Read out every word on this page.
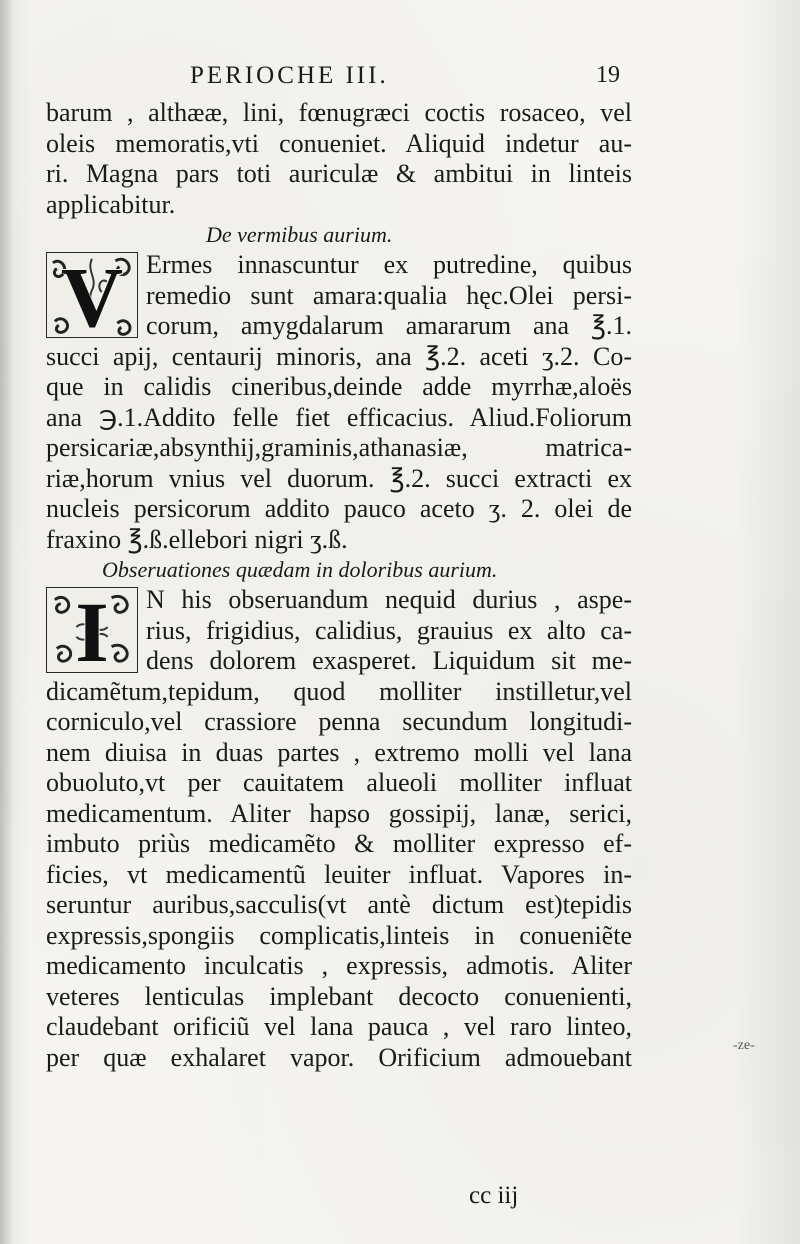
PERIOCHE III.	19
barum , althææ, lini, fœnugræci coctis rosaceo, vel
oleis memoratis,vti conueniet. Aliquid indetur au-
ri. Magna pars toti auriculæ & ambitui in linteis
applicabitur.
De vermibus aurium.
V Ermes innascuntur ex putredine, quibus
remedio sunt amara:qualia hęc.Olei persi-
corum, amygdalarum amararum ana ℥.1.
succi apij, centaurij minoris, ana ℥.2. aceti ʒ.2. Co-
que in calidis cineribus,deinde adde myrrhæ,aloës
ana ℈.1.Addito felle fiet efficacius. Aliud.Foliorum
persicariæ,absynthij,graminis,athanasiæ, matrica-
riæ,horum vnius vel duorum. ℥.2. succi extracti ex
nucleis persicorum addito pauco aceto ʒ. 2. olei de
fraxino ℥.ß.ellebori nigri ʒ.ß.
Obseruationes quædam in doloribus aurium.
I	N his obseruandum nequid durius , aspe-
rius, frigidius, calidius, grauius ex alto ca-
dens dolorem exasperet. Liquidum sit me-
dicamẽtum,tepidum, quod molliter instilletur,vel
corniculo,vel crassiore penna secundum longitudi-
nem diuisa in duas partes , extremo molli vel lana
obuoluto,vt per cauitatem alueoli molliter influat
medicamentum. Aliter hapso gossipij, lanæ, serici,
imbuto priùs medicamẽto & molliter expresso ef-
ficies, vt medicamentũ leuiter influat. Vapores in-
seruntur auribus,sacculis(vt antè dictum est)tepidis
expressis,spongiis complicatis,linteis in conueniẽte
medicamento inculcatis , expressis, admotis. Aliter
veteres lenticulas implebant decocto conuenienti,
claudebant orificiũ vel lana pauca , vel raro linteo,
per quæ exhalaret vapor. Orificium admouebant
cc iij
-ze-
